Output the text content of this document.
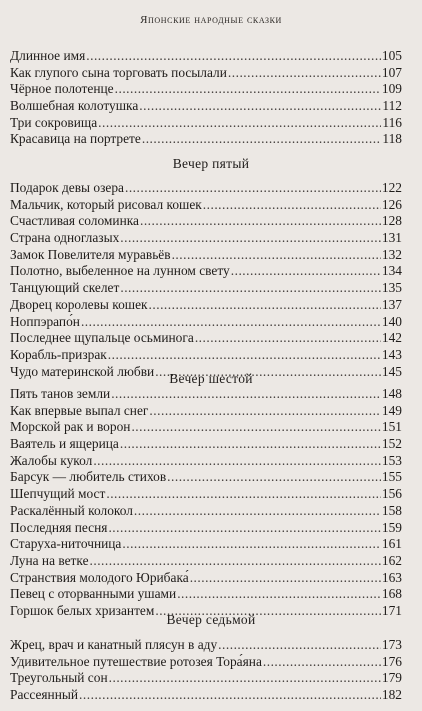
Японские народные сказки
Длинное имя .....	105
Как глупого сына торговать посылали .....	107
Чёрное полотенце .....	109
Волшебная колотушка .....	112
Три сокровища .....	116
Красавица на портрете .....	118
Вечер пятый
Подарок девы озера .....	122
Мальчик, который рисовал кошек .....	126
Счастливая соломинка .....	128
Страна одноглазых .....	131
Замок Повелителя муравьёв .....	132
Полотно, выбеленное на лунном свету .....	134
Танцующий скелет .....	135
Дворец королевы кошек .....	137
Ноппэрапо́н .....	140
Последнее щупальце осьминога .....	142
Корабль-призрак .....	143
Чудо материнской любви .....	145
Вечер шестой
Пять танов земли .....	148
Как впервые выпал снег .....	149
Морской рак и ворон .....	151
Ваятель и ящерица .....	152
Жалобы кукол .....	153
Барсук — любитель стихов .....	155
Шепчущий мост .....	156
Раскалённый колокол .....	158
Последняя песня .....	159
Старуха-ниточница .....	161
Луна на ветке .....	162
Странствия молодого Юрибака́ .....	163
Певец с оторванными ушами .....	168
Горшок белых хризантем .....	171
Вечер седьмой
Жрец, врач и канатный плясун в аду .....	173
Удивительное путешествие ротозея Тора́яна .....	176
Треугольный сон .....	179
Рассеянный .....	182
